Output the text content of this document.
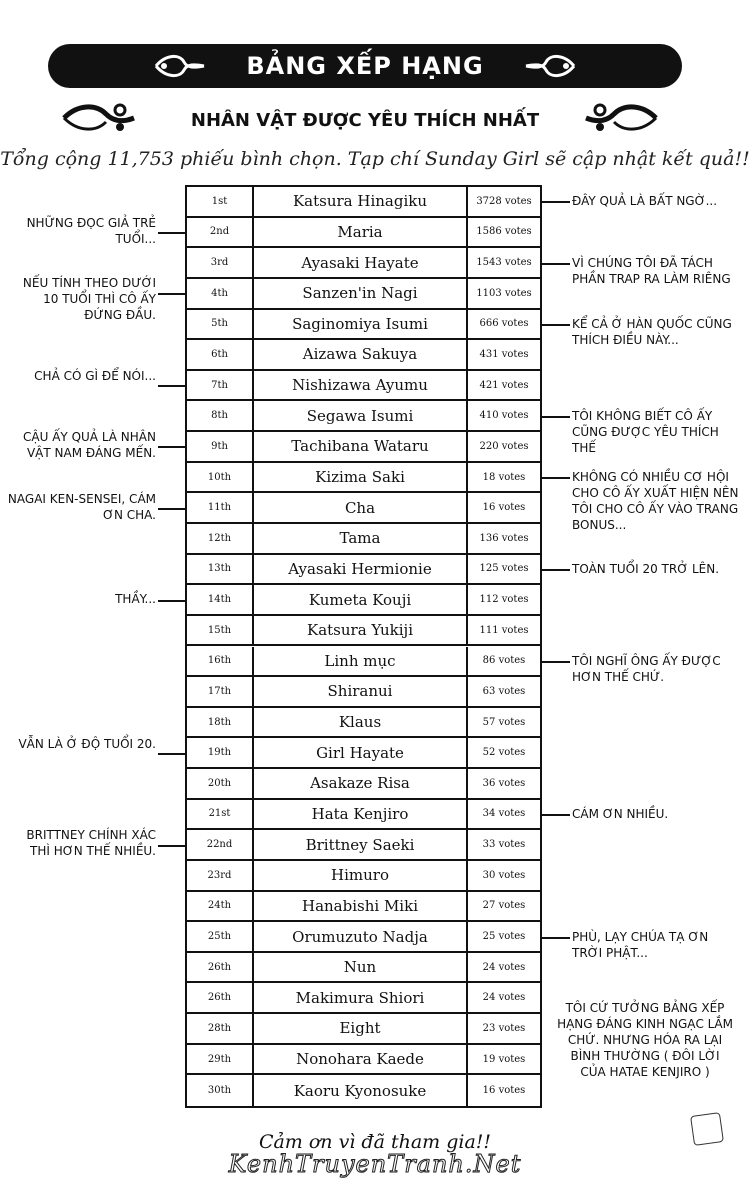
BẢNG XẾP HẠNG
NHÂN VẬT ĐƯỢC YÊU THÍCH NHẤT
Tổng cộng 11,753 phiếu bình chọn. Tạp chí Sunday Girl sẽ cập nhật kết quả!!
1st	Katsura Hinagiku	3728 votes
2nd	Maria	1586 votes
3rd	Ayasaki Hayate	1543 votes
4th	Sanzen'in Nagi	1103 votes
5th	Saginomiya Isumi	666 votes
6th	Aizawa Sakuya	431 votes
7th	Nishizawa Ayumu	421 votes
8th	Segawa Isumi	410 votes
9th	Tachibana Wataru	220 votes
10th	Kizima Saki	18 votes
11th	Cha	16 votes
12th	Tama	136 votes
13th	Ayasaki Hermionie	125 votes
14th	Kumeta Kouji	112 votes
15th	Katsura Yukiji	111 votes
16th	Linh mục	86 votes
17th	Shiranui	63 votes
18th	Klaus	57 votes
19th	Girl Hayate	52 votes
20th	Asakaze Risa	36 votes
21st	Hata Kenjiro	34 votes
22nd	Brittney Saeki	33 votes
23rd	Himuro	30 votes
24th	Hanabishi Miki	27 votes
25th	Orumuzuto Nadja	25 votes
26th	Nun	24 votes
26th	Makimura Shiori	24 votes
28th	Eight	23 votes
29th	Nonohara Kaede	19 votes
30th	Kaoru Kyonosuke	16 votes
NHỮNG ĐỌC GIẢ TRẺ TUỔI...
NẾU TÍNH THEO DƯỚI 10 TUỔI THÌ CÔ ẤY ĐỨNG ĐẦU.
CHẢ CÓ GÌ ĐỂ NÓI...
CẬU ẤY QUẢ LÀ NHÂN VẬT NAM ĐÁNG MẾN.
NAGAI KEN-SENSEI, CÁM ƠN CHA.
THẦY...
VẪN LÀ Ở ĐỘ TUỔI 20.
BRITTNEY CHÍNH XÁC THÌ HƠN THẾ NHIỀU.
ĐÂY QUẢ LÀ BẤT NGỜ...
VÌ CHÚNG TÔI ĐÃ TÁCH PHẦN TRAP RA LÀM RIÊNG
KỂ CẢ Ở HÀN QUỐC CŨNG THÍCH ĐIỀU NÀY...
TÔI KHÔNG BIẾT CÔ ẤY CŨNG ĐƯỢC YÊU THÍCH THẾ
KHÔNG CÓ NHIỀU CƠ HỘI CHO CÔ ẤY XUẤT HIỆN NÊN TÔI CHO CÔ ẤY VÀO TRANG BONUS...
TOÀN TUỔI 20 TRỞ LÊN.
TÔI NGHĨ ÔNG ẤY ĐƯỢC HƠN THẾ CHỨ.
CÁM ƠN NHIỀU.
PHÙ, LẠY CHÚA TẠ ƠN TRỜI PHẬT...
TÔI CỨ TƯỞNG BẢNG XẾP HẠNG ĐÁNG KINH NGẠC LẮM CHỨ. NHƯNG HÓA RA LẠI BÌNH THƯỜNG ( ĐÔI LỜI CỦA HATAE KENJIRO )
Cảm ơn vì đã tham gia!!
KenhTruyenTranh.Net
